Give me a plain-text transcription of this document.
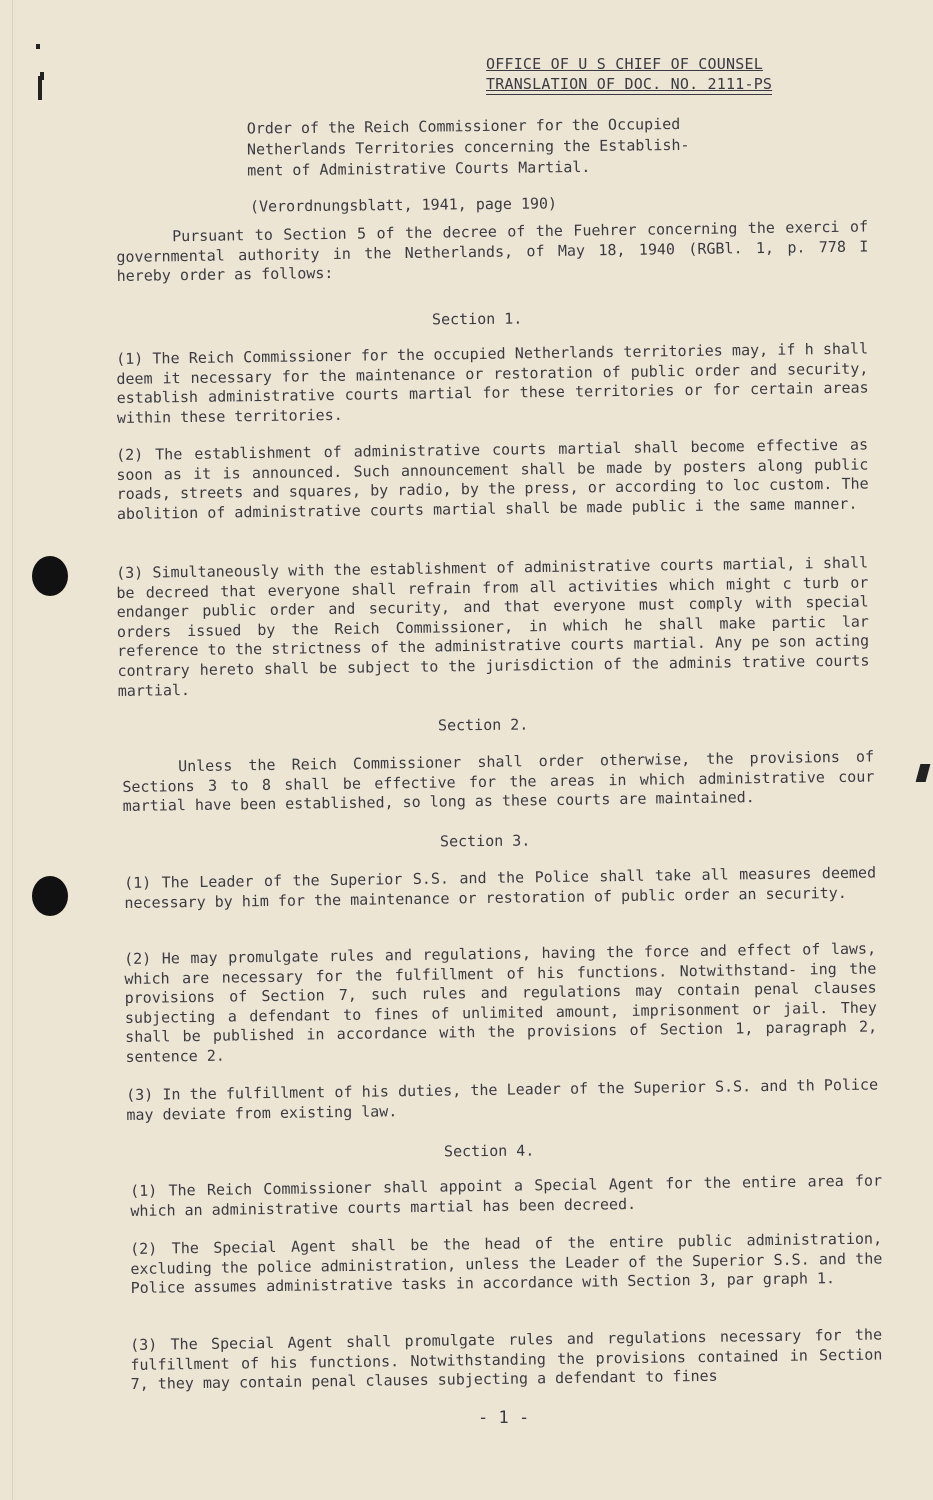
OFFICE OF U S CHIEF OF COUNSEL
TRANSLATION OF DOC. NO. 2111-PS
Order of the Reich Commissioner for the Occupied Netherlands Territories concerning the Establish- ment of Administrative Courts Martial.
(Verordnungsblatt, 1941, page 190)
Pursuant to Section 5 of the decree of the Fuehrer concerning the exerci of governmental authority in the Netherlands, of May 18, 1940 (RGBl. 1, p. 778 I hereby order as follows:
Section 1.
(1) The Reich Commissioner for the occupied Netherlands territories may, if h shall deem it necessary for the maintenance or restoration of public order and security, establish administrative courts martial for these territories or for certain areas within these territories.
(2) The establishment of administrative courts martial shall become effective as soon as it is announced. Such announcement shall be made by posters along public roads, streets and squares, by radio, by the press, or according to loc custom. The abolition of administrative courts martial shall be made public i the same manner.
(3) Simultaneously with the establishment of administrative courts martial, i shall be decreed that everyone shall refrain from all activities which might c turb or endanger public order and security, and that everyone must comply with special orders issued by the Reich Commissioner, in which he shall make partic lar reference to the strictness of the administrative courts martial. Any pe son acting contrary hereto shall be subject to the jurisdiction of the adminis trative courts martial.
Section 2.
Unless the Reich Commissioner shall order otherwise, the provisions of Sections 3 to 8 shall be effective for the areas in which administrative cour martial have been established, so long as these courts are maintained.
Section 3.
(1) The Leader of the Superior S.S. and the Police shall take all measures deemed necessary by him for the maintenance or restoration of public order an security.
(2) He may promulgate rules and regulations, having the force and effect of laws, which are necessary for the fulfillment of his functions. Notwithstand- ing the provisions of Section 7, such rules and regulations may contain penal clauses subjecting a defendant to fines of unlimited amount, imprisonment or jail. They shall be published in accordance with the provisions of Section 1, paragraph 2, sentence 2.
(3) In the fulfillment of his duties, the Leader of the Superior S.S. and th Police may deviate from existing law.
Section 4.
(1) The Reich Commissioner shall appoint a Special Agent for the entire area for which an administrative courts martial has been decreed.
(2) The Special Agent shall be the head of the entire public administration, excluding the police administration, unless the Leader of the Superior S.S. and the Police assumes administrative tasks in accordance with Section 3, par graph 1.
(3) The Special Agent shall promulgate rules and regulations necessary for the fulfillment of his functions. Notwithstanding the provisions contained in Section 7, they may contain penal clauses subjecting a defendant to fines
- 1 -
